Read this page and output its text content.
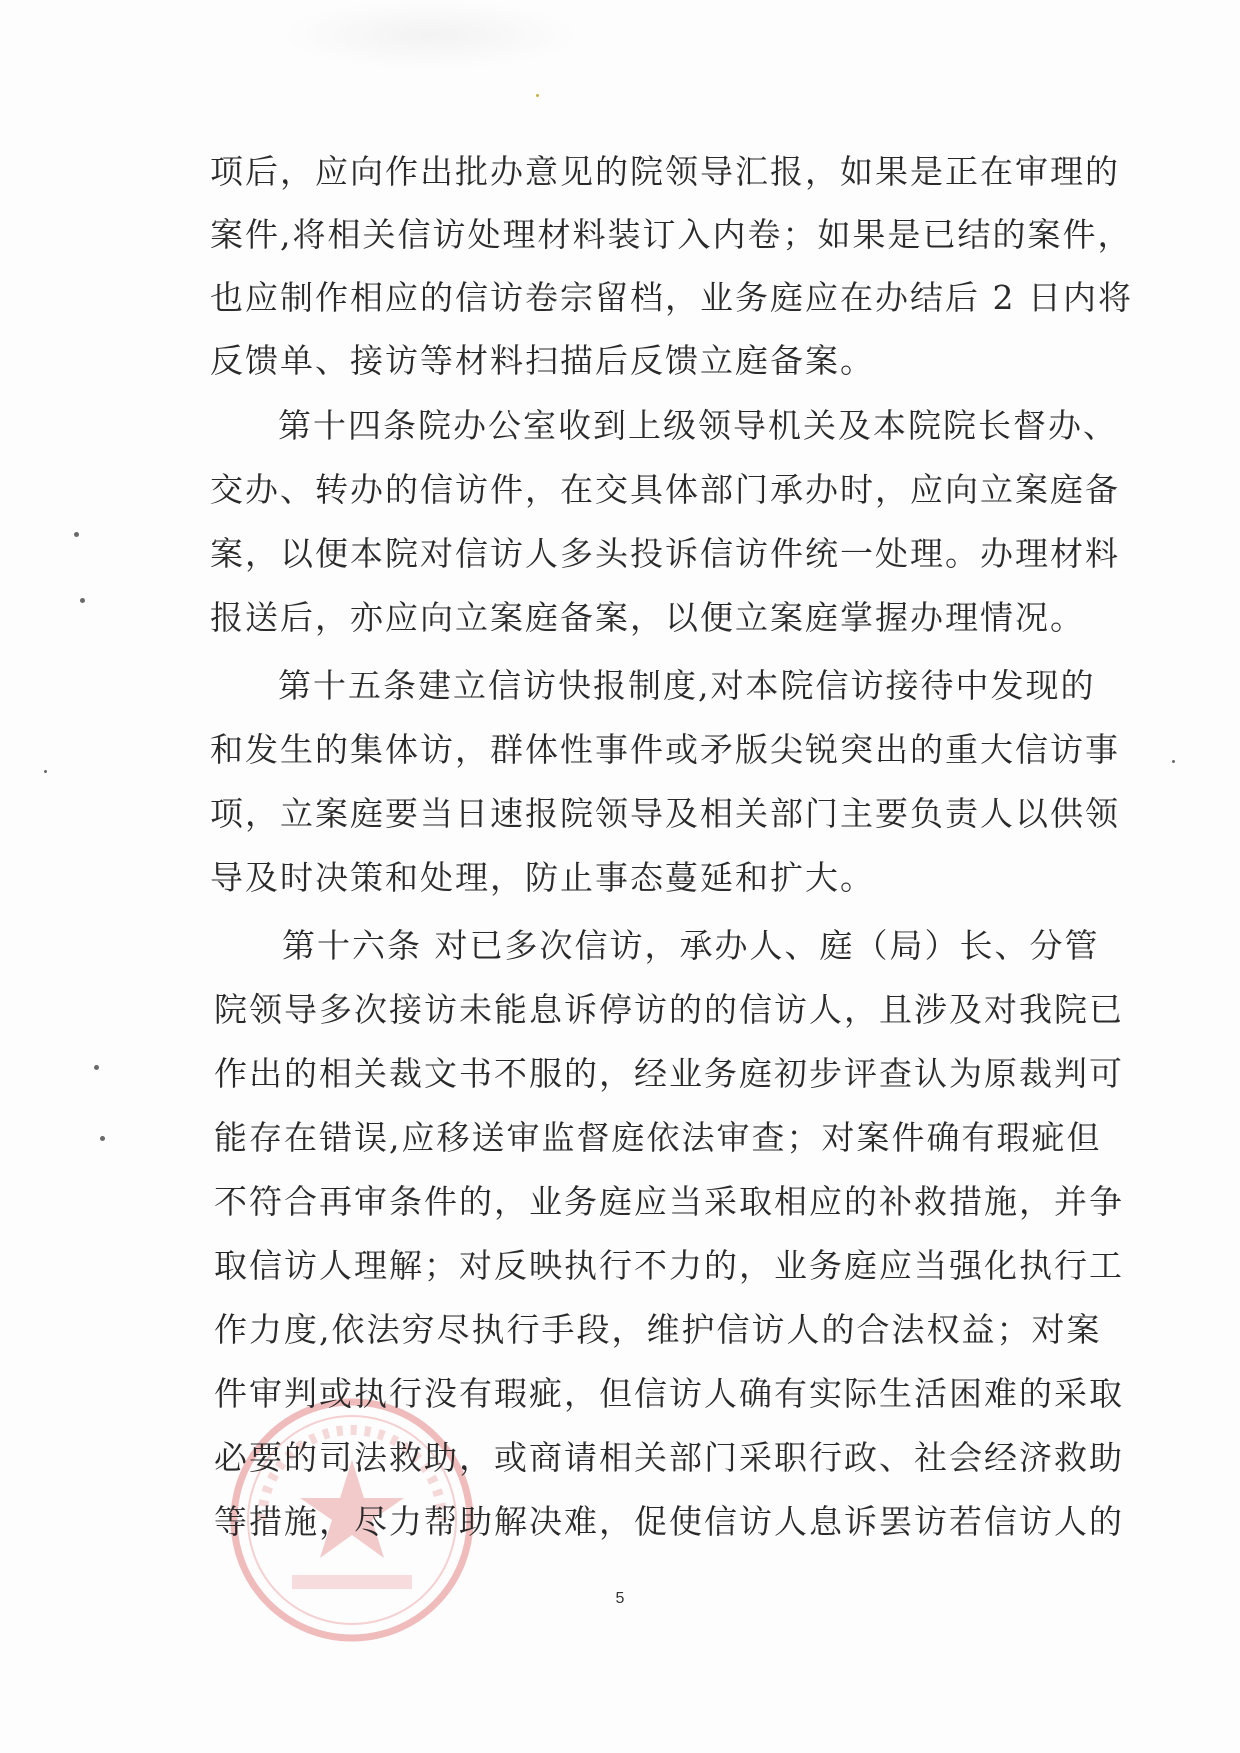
项后，应向作出批办意见的院领导汇报，如果是正在审理的
案件,将相关信访处理材料装订入内卷；如果是已结的案件，
也应制作相应的信访卷宗留档，业务庭应在办结后 2 日内将
反馈单、接访等材料扫描后反馈立庭备案。
第十四条院办公室收到上级领导机关及本院院长督办、
交办、转办的信访件，在交具体部门承办时，应向立案庭备
案，以便本院对信访人多头投诉信访件统一处理。办理材料
报送后，亦应向立案庭备案，以便立案庭掌握办理情况。
第十五条建立信访快报制度,对本院信访接待中发现的
和发生的集体访，群体性事件或矛版尖锐突出的重大信访事
项，立案庭要当日速报院领导及相关部门主要负责人以供领
导及时决策和处理，防止事态蔓延和扩大。
第十六条 对已多次信访，承办人、庭（局）长、分管
院领导多次接访未能息诉停访的的信访人，且涉及对我院已
作出的相关裁文书不服的，经业务庭初步评查认为原裁判可
能存在错误,应移送审监督庭依法审查；对案件确有瑕疵但
不符合再审条件的，业务庭应当采取相应的补救措施，并争
取信访人理解；对反映执行不力的，业务庭应当强化执行工
作力度,依法穷尽执行手段，维护信访人的合法权益；对案
件审判或执行没有瑕疵，但信访人确有实际生活困难的采取
必要的司法救助，或商请相关部门采职行政、社会经济救助
等措施，尽力帮助解决难，促使信访人息诉罢访若信访人的
5
